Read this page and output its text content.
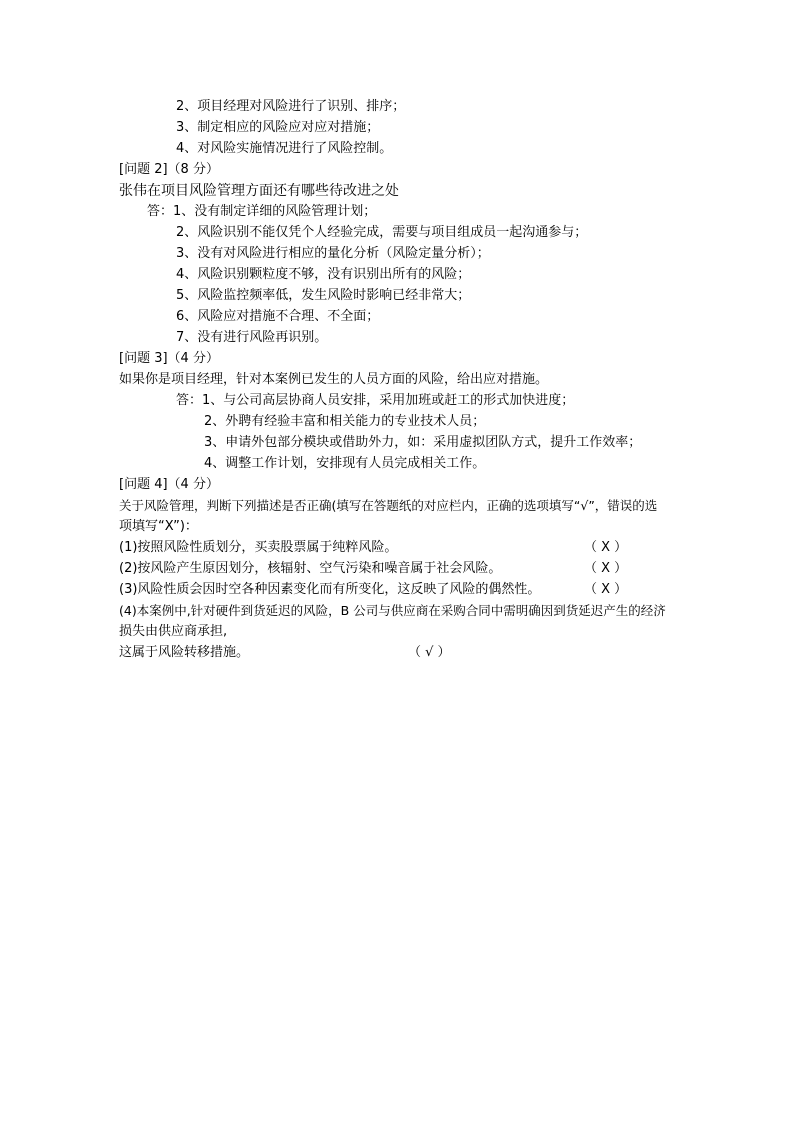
2、项目经理对风险进行了识别、排序；
3、制定相应的风险应对应对措施；
4、对风险实施情况进行了风险控制。
[问题 2]（8 分）
张伟在项目风险管理方面还有哪些待改进之处
答：1、没有制定详细的风险管理计划；
2、风险识别不能仅凭个人经验完成，需要与项目组成员一起沟通参与；
3、没有对风险进行相应的量化分析（风险定量分析）；
4、风险识别颗粒度不够，没有识别出所有的风险；
5、风险监控频率低，发生风险时影响已经非常大；
6、风险应对措施不合理、不全面；
7、没有进行风险再识别。
[问题 3]（4 分）
如果你是项目经理，针对本案例已发生的人员方面的风险，给出应对措施。
答：1、与公司高层协商人员安排，采用加班或赶工的形式加快进度；
2、外聘有经验丰富和相关能力的专业技术人员；
3、申请外包部分模块或借助外力，如：采用虚拟团队方式，提升工作效率；
4、调整工作计划，安排现有人员完成相关工作。
[问题 4]（4 分）
关于风险管理，判断下列描述是否正确(填写在答题纸的对应栏内，正确的选项填写“√”，错误的选
项填写“X”)：
(1)按照风险性质划分，买卖股票属于纯粹风险。	（ X ）
(2)按风险产生原因划分，核辐射、空气污染和噪音属于社会风险。	（ X ）
(3)风险性质会因时空各种因素变化而有所变化，这反映了风险的偶然性。	（ X ）
(4)本案例中,针对硬件到货延迟的风险，B 公司与供应商在采购合同中需明确因到货延迟产生的经济
损失由供应商承担,
这属于风险转移措施。	（ √ ）
